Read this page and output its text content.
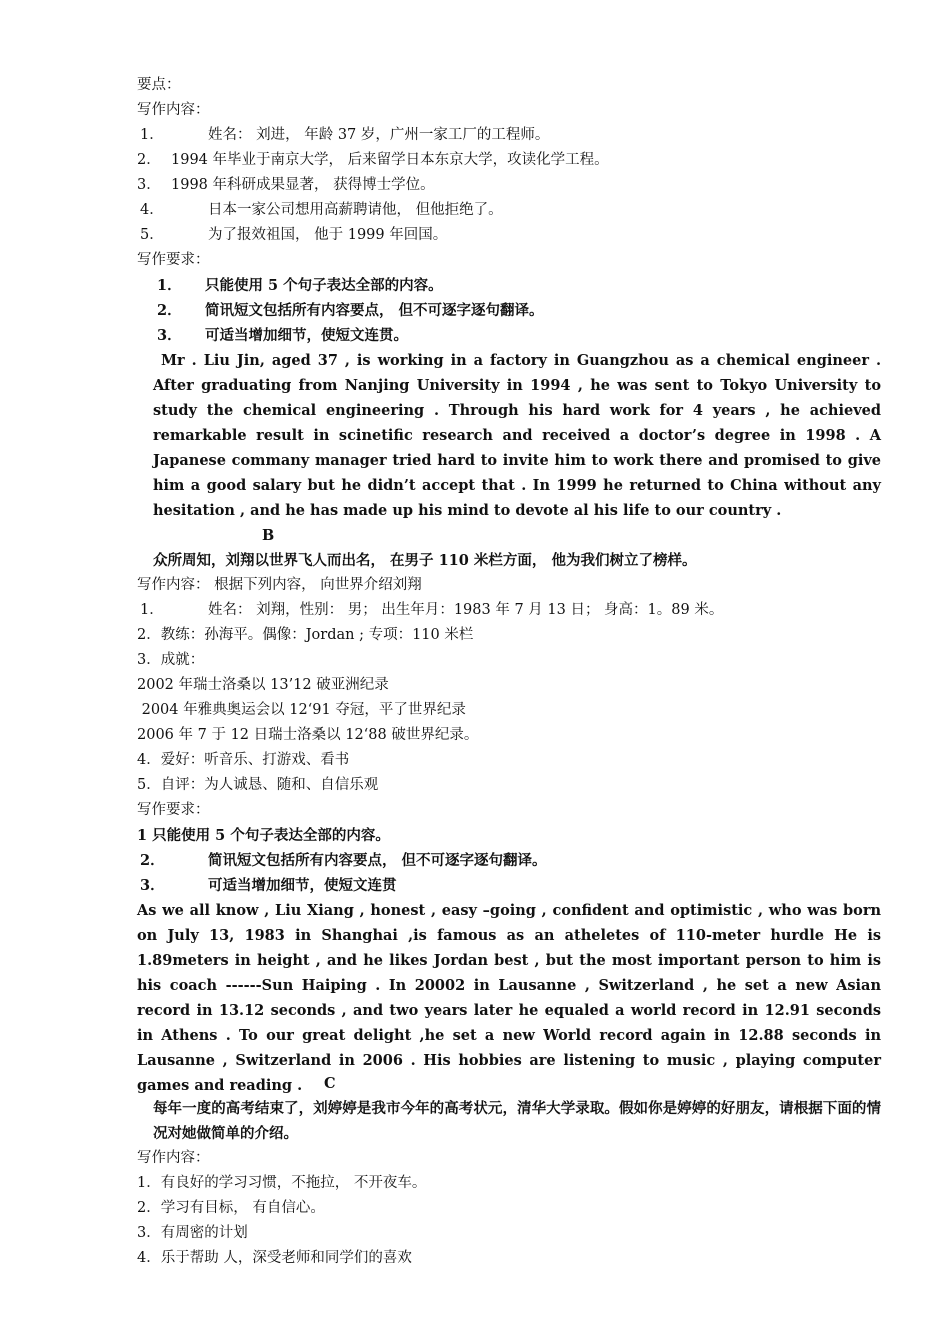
要点：
写作内容：
1．	姓名： 刘进， 年龄 37 岁，广州一家工厂的工程师。
2． 1994 年毕业于南京大学， 后来留学日本东京大学，攻读化学工程。
3． 1998 年科研成果显著， 获得博士学位。
4．	日本一家公司想用高薪聘请他， 但他拒绝了。
5．	为了报效祖国， 他于 1999 年回国。
写作要求：
1． 只能使用 5 个句子表达全部的内容。
2． 简讯短文包括所有内容要点， 但不可逐字逐句翻译。
3． 可适当增加细节，使短文连贯。

Mr . Liu Jin, aged 37 , is working in a factory in Guangzhou as a chemical engineer . After graduating from Nanjing University in 1994 , he was sent to Tokyo University to study the chemical engineering . Through his hard work for 4 years , he achieved remarkable result in scinetific research and received a doctor’s degree in 1998 . A Japanese commany manager tried hard to invite him to work there and promised to give him a good salary but he didn’t accept that . In 1999 he returned to China without any hesitation , and he has made up his mind to devote al his life to our country .

B
众所周知，刘翔以世界飞人而出名， 在男子 110 米栏方面， 他为我们树立了榜样。
写作内容： 根据下列内容， 向世界介绍刘翔
1．	姓名： 刘翔，性别： 男； 出生年月：1983 年 7 月 13 日； 身高：1。89 米。
2．教练：孙海平。偶像：Jordan ; 专项：110 米栏
3．成就：
2002 年瑞士洛桑以 13’12 破亚洲纪录
2004 年雅典奥运会以 12‘91 夺冠，平了世界纪录
2006 年 7 于 12 日瑞士洛桑以 12‘88 破世界纪录。
4．爱好：听音乐、打游戏、看书
5．自评：为人诚恳、随和、自信乐观
写作要求：
1 只能使用 5 个句子表达全部的内容。
2．	简讯短文包括所有内容要点， 但不可逐字逐句翻译。
3．	可适当增加细节，使短文连贯

As we all know , Liu Xiang , honest , easy –going , confident and optimistic , who was born on July 13, 1983 in Shanghai ,is famous as an atheletes of 110-meter hurdle He is 1.89meters in height , and he likes Jordan best , but the most important person to him is his coach ------Sun Haiping . In 20002 in Lausanne , Switzerland , he set a new Asian record in 13.12 seconds , and two years later he equaled a world record in 12.91 seconds in Athens . To our great delight ,he set a new World record again in 12.88 seconds in Lausanne , Switzerland in 2006 . His hobbies are listening to music , playing computer games and reading .	C

每年一度的高考结束了，刘婷婷是我市今年的高考状元，清华大学录取。假如你是婷婷的好朋友，请根据下面的情况对她做简单的介绍。

写作内容：
1．有良好的学习习惯，不拖拉， 不开夜车。
2．学习有目标， 有自信心。
3．有周密的计划
4．乐于帮助 人，深受老师和同学们的喜欢
